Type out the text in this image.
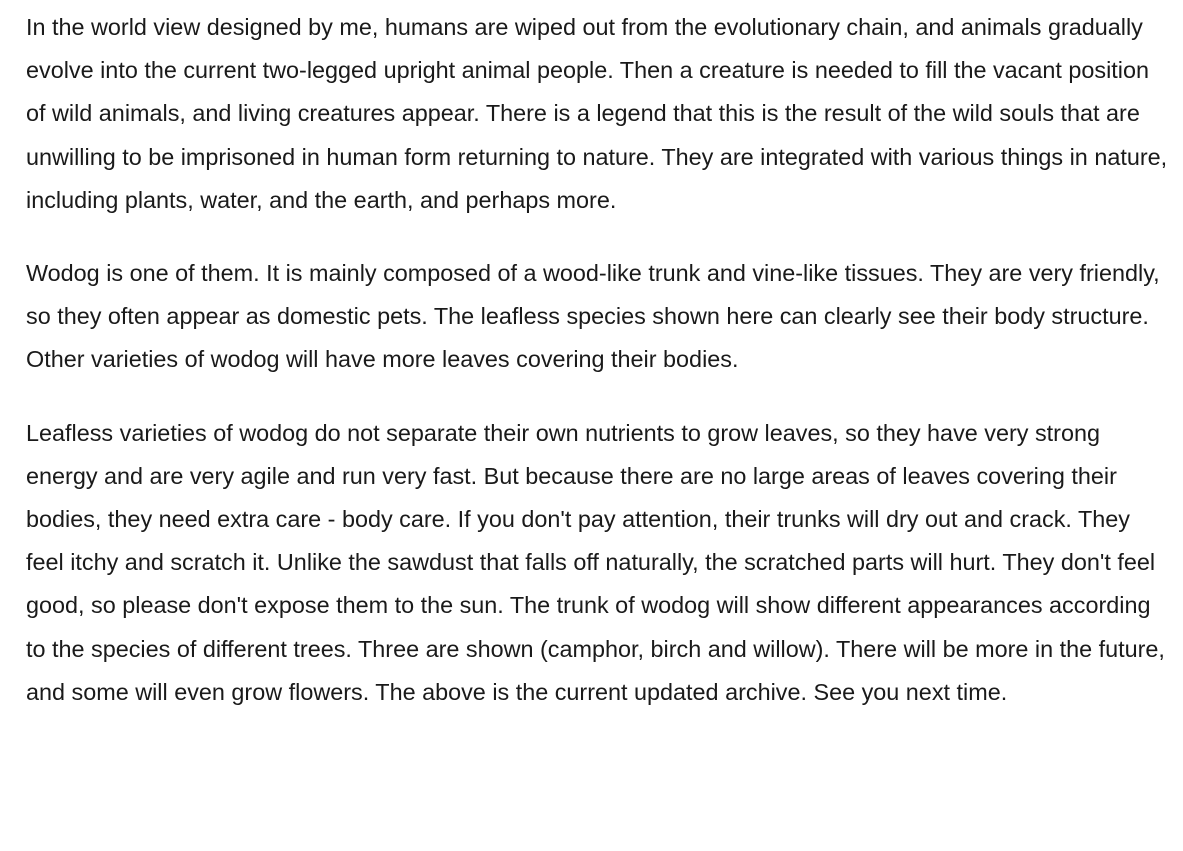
In the world view designed by me, humans are wiped out from the evolutionary chain, and animals gradually evolve into the current two-legged upright animal people. Then a creature is needed to fill the vacant position of wild animals, and living creatures appear. There is a legend that this is the result of the wild souls that are unwilling to be imprisoned in human form returning to nature. They are integrated with various things in nature, including plants, water, and the earth, and perhaps more.

Wodog is one of them. It is mainly composed of a wood-like trunk and vine-like tissues. They are very friendly, so they often appear as domestic pets. The leafless species shown here can clearly see their body structure. Other varieties of wodog will have more leaves covering their bodies.

Leafless varieties of wodog do not separate their own nutrients to grow leaves, so they have very strong energy and are very agile and run very fast. But because there are no large areas of leaves covering their bodies, they need extra care - body care. If you don't pay attention, their trunks will dry out and crack. They feel itchy and scratch it. Unlike the sawdust that falls off naturally, the scratched parts will hurt. They don't feel good, so please don't expose them to the sun. The trunk of wodog will show different appearances according to the species of different trees. Three are shown (camphor, birch and willow). There will be more in the future, and some will even grow flowers. The above is the current updated archive. See you next time.
